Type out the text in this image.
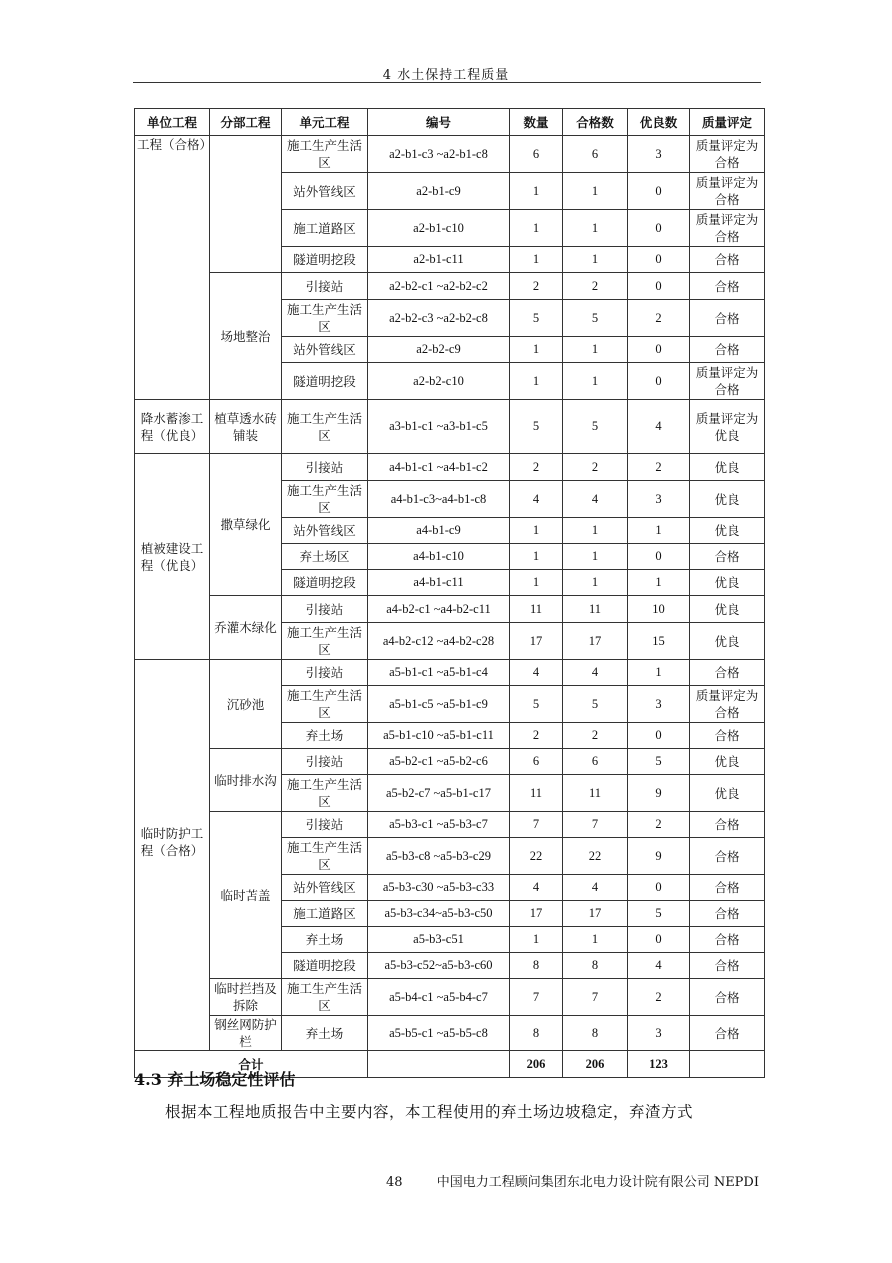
4 水土保持工程质量
单位工程	分部工程	单元工程	编号	数量	合格数	优良数	质量评定
工程（合格）		施工生产生活区	a2-b1-c3 ~a2-b1-c8	6	6	3	质量评定为合格
		站外管线区	a2-b1-c9	1	1	0	质量评定为合格
		施工道路区	a2-b1-c10	1	1	0	质量评定为合格
		隧道明挖段	a2-b1-c11	1	1	0	合格
	场地整治	引接站	a2-b2-c1 ~a2-b2-c2	2	2	0	合格
		施工生产生活区	a2-b2-c3 ~a2-b2-c8	5	5	2	合格
		站外管线区	a2-b2-c9	1	1	0	合格
		隧道明挖段	a2-b2-c10	1	1	0	质量评定为合格
降水蓄渗工程（优良）	植草透水砖铺装	施工生产生活区	a3-b1-c1 ~a3-b1-c5	5	5	4	质量评定为优良
植被建设工程（优良）	撒草绿化	引接站	a4-b1-c1 ~a4-b1-c2	2	2	2	优良
		施工生产生活区	a4-b1-c3~a4-b1-c8	4	4	3	优良
		站外管线区	a4-b1-c9	1	1	1	优良
		弃土场区	a4-b1-c10	1	1	0	合格
		隧道明挖段	a4-b1-c11	1	1	1	优良
	乔灌木绿化	引接站	a4-b2-c1 ~a4-b2-c11	11	11	10	优良
		施工生产生活区	a4-b2-c12 ~a4-b2-c28	17	17	15	优良
临时防护工程（合格）	沉砂池	引接站	a5-b1-c1 ~a5-b1-c4	4	4	1	合格
		施工生产生活区	a5-b1-c5 ~a5-b1-c9	5	5	3	质量评定为合格
		弃土场	a5-b1-c10 ~a5-b1-c11	2	2	0	合格
	临时排水沟	引接站	a5-b2-c1 ~a5-b2-c6	6	6	5	优良
		施工生产生活区	a5-b2-c7 ~a5-b1-c17	11	11	9	优良
	临时苫盖	引接站	a5-b3-c1 ~a5-b3-c7	7	7	2	合格
		施工生产生活区	a5-b3-c8 ~a5-b3-c29	22	22	9	合格
		站外管线区	a5-b3-c30 ~a5-b3-c33	4	4	0	合格
		施工道路区	a5-b3-c34~a5-b3-c50	17	17	5	合格
		弃土场	a5-b3-c51	1	1	0	合格
		隧道明挖段	a5-b3-c52~a5-b3-c60	8	8	4	合格
	临时拦挡及拆除	施工生产生活区	a5-b4-c1 ~a5-b4-c7	7	7	2	合格
	钢丝网防护栏	弃土场	a5-b5-c1 ~a5-b5-c8	8	8	3	合格
合计				206	206	123	
4.3 弃土场稳定性评估
根据本工程地质报告中主要内容，本工程使用的弃土场边坡稳定，弃渣方式
48	中国电力工程顾问集团东北电力设计院有限公司 NEPDI
